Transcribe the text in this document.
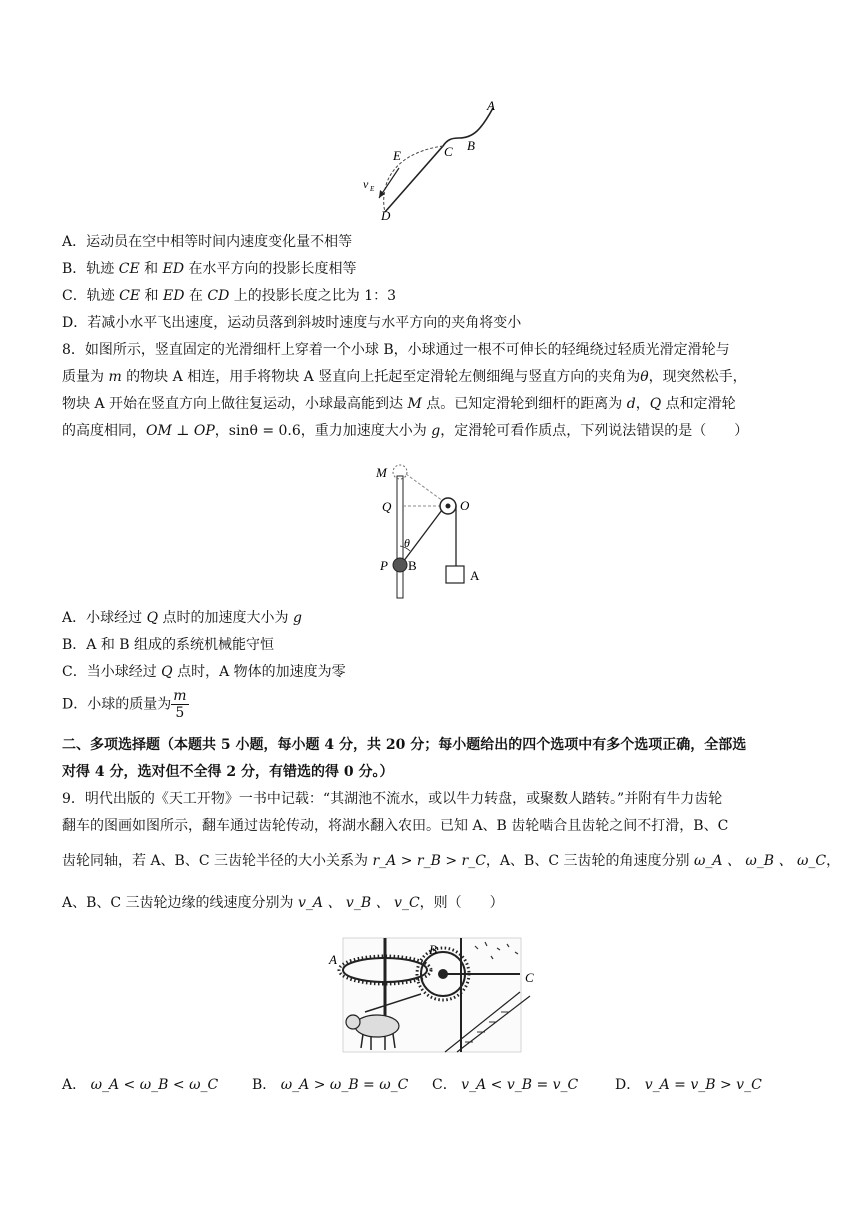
A
B
C
E
v E
D
A．运动员在空中相等时间内速度变化量不相等
B．轨迹 CE 和 ED 在水平方向的投影长度相等
C．轨迹 CE 和 ED 在 CD 上的投影长度之比为 1：3
D．若减小水平飞出速度，运动员落到斜坡时速度与水平方向的夹角将变小
8．如图所示，竖直固定的光滑细杆上穿着一个小球 B，小球通过一根不可伸长的轻绳绕过轻质光滑定滑轮与
质量为 m 的物块 A 相连，用手将物块 A 竖直向上托起至定滑轮左侧细绳与竖直方向的夹角为θ，现突然松手，
物块 A 开始在竖直方向上做往复运动，小球最高能到达 M 点。已知定滑轮到细杆的距离为 d，Q 点和定滑轮
的高度相同，OM ⊥ OP，sinθ = 0.6，重力加速度大小为 g，定滑轮可看作质点，下列说法错误的是（　　）
M
Q	O
θ
P B
A
A．小球经过 Q 点时的加速度大小为 g
B．A 和 B 组成的系统机械能守恒
C．当小球经过 Q 点时，A 物体的加速度为零
D．小球的质量为 $\frac{m}{5}$
二、多项选择题（本题共 5 小题，每小题 4 分，共 20 分；每小题给出的四个选项中有多个选项正确，全部选
对得 4 分，选对但不全得 2 分，有错选的得 0 分。）
9．明代出版的《天工开物》一书中记载：“其湖池不流水，或以牛力转盘，或聚数人踏转。”并附有牛力齿轮
翻车的图画如图所示，翻车通过齿轮传动，将湖水翻入农田。已知 A、B 齿轮啮合且齿轮之间不打滑，B、C
齿轮同轴，若 A、B、C 三齿轮半径的大小关系为 r_A > r_B > r_C，A、B、C 三齿轮的角速度分别 ω_A 、 ω_B 、 ω_C，
A、B、C 三齿轮边缘的线速度分别为 v_A 、 v_B 、 v_C，则（　　）
A
B
C
A． ω_A < ω_B < ω_C B． ω_A > ω_B = ω_C C． v_A < v_B = v_C	D． v_A = v_B > v_C
